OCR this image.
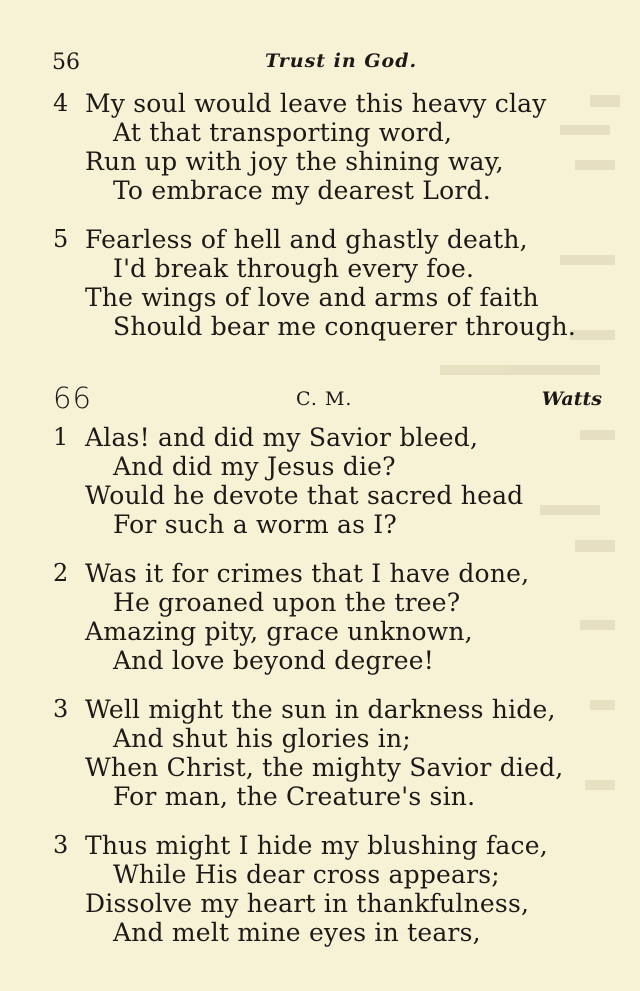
56	Trust in God.
4 My soul would leave this heavy clay
At that transporting word,
Run up with joy the shining way,
To embrace my dearest Lord.
5 Fearless of hell and ghastly death,
I'd break through every foe.
The wings of love and arms of faith
Should bear me conquerer through.
66	C. M.	Watts
1 Alas! and did my Savior bleed,
And did my Jesus die?
Would he devote that sacred head
For such a worm as I?
2 Was it for crimes that I have done,
He groaned upon the tree?
Amazing pity, grace unknown,
And love beyond degree!
3 Well might the sun in darkness hide,
And shut his glories in;
When Christ, the mighty Savior died,
For man, the Creature's sin.
3 Thus might I hide my blushing face,
While His dear cross appears;
Dissolve my heart in thankfulness,
And melt mine eyes in tears,
